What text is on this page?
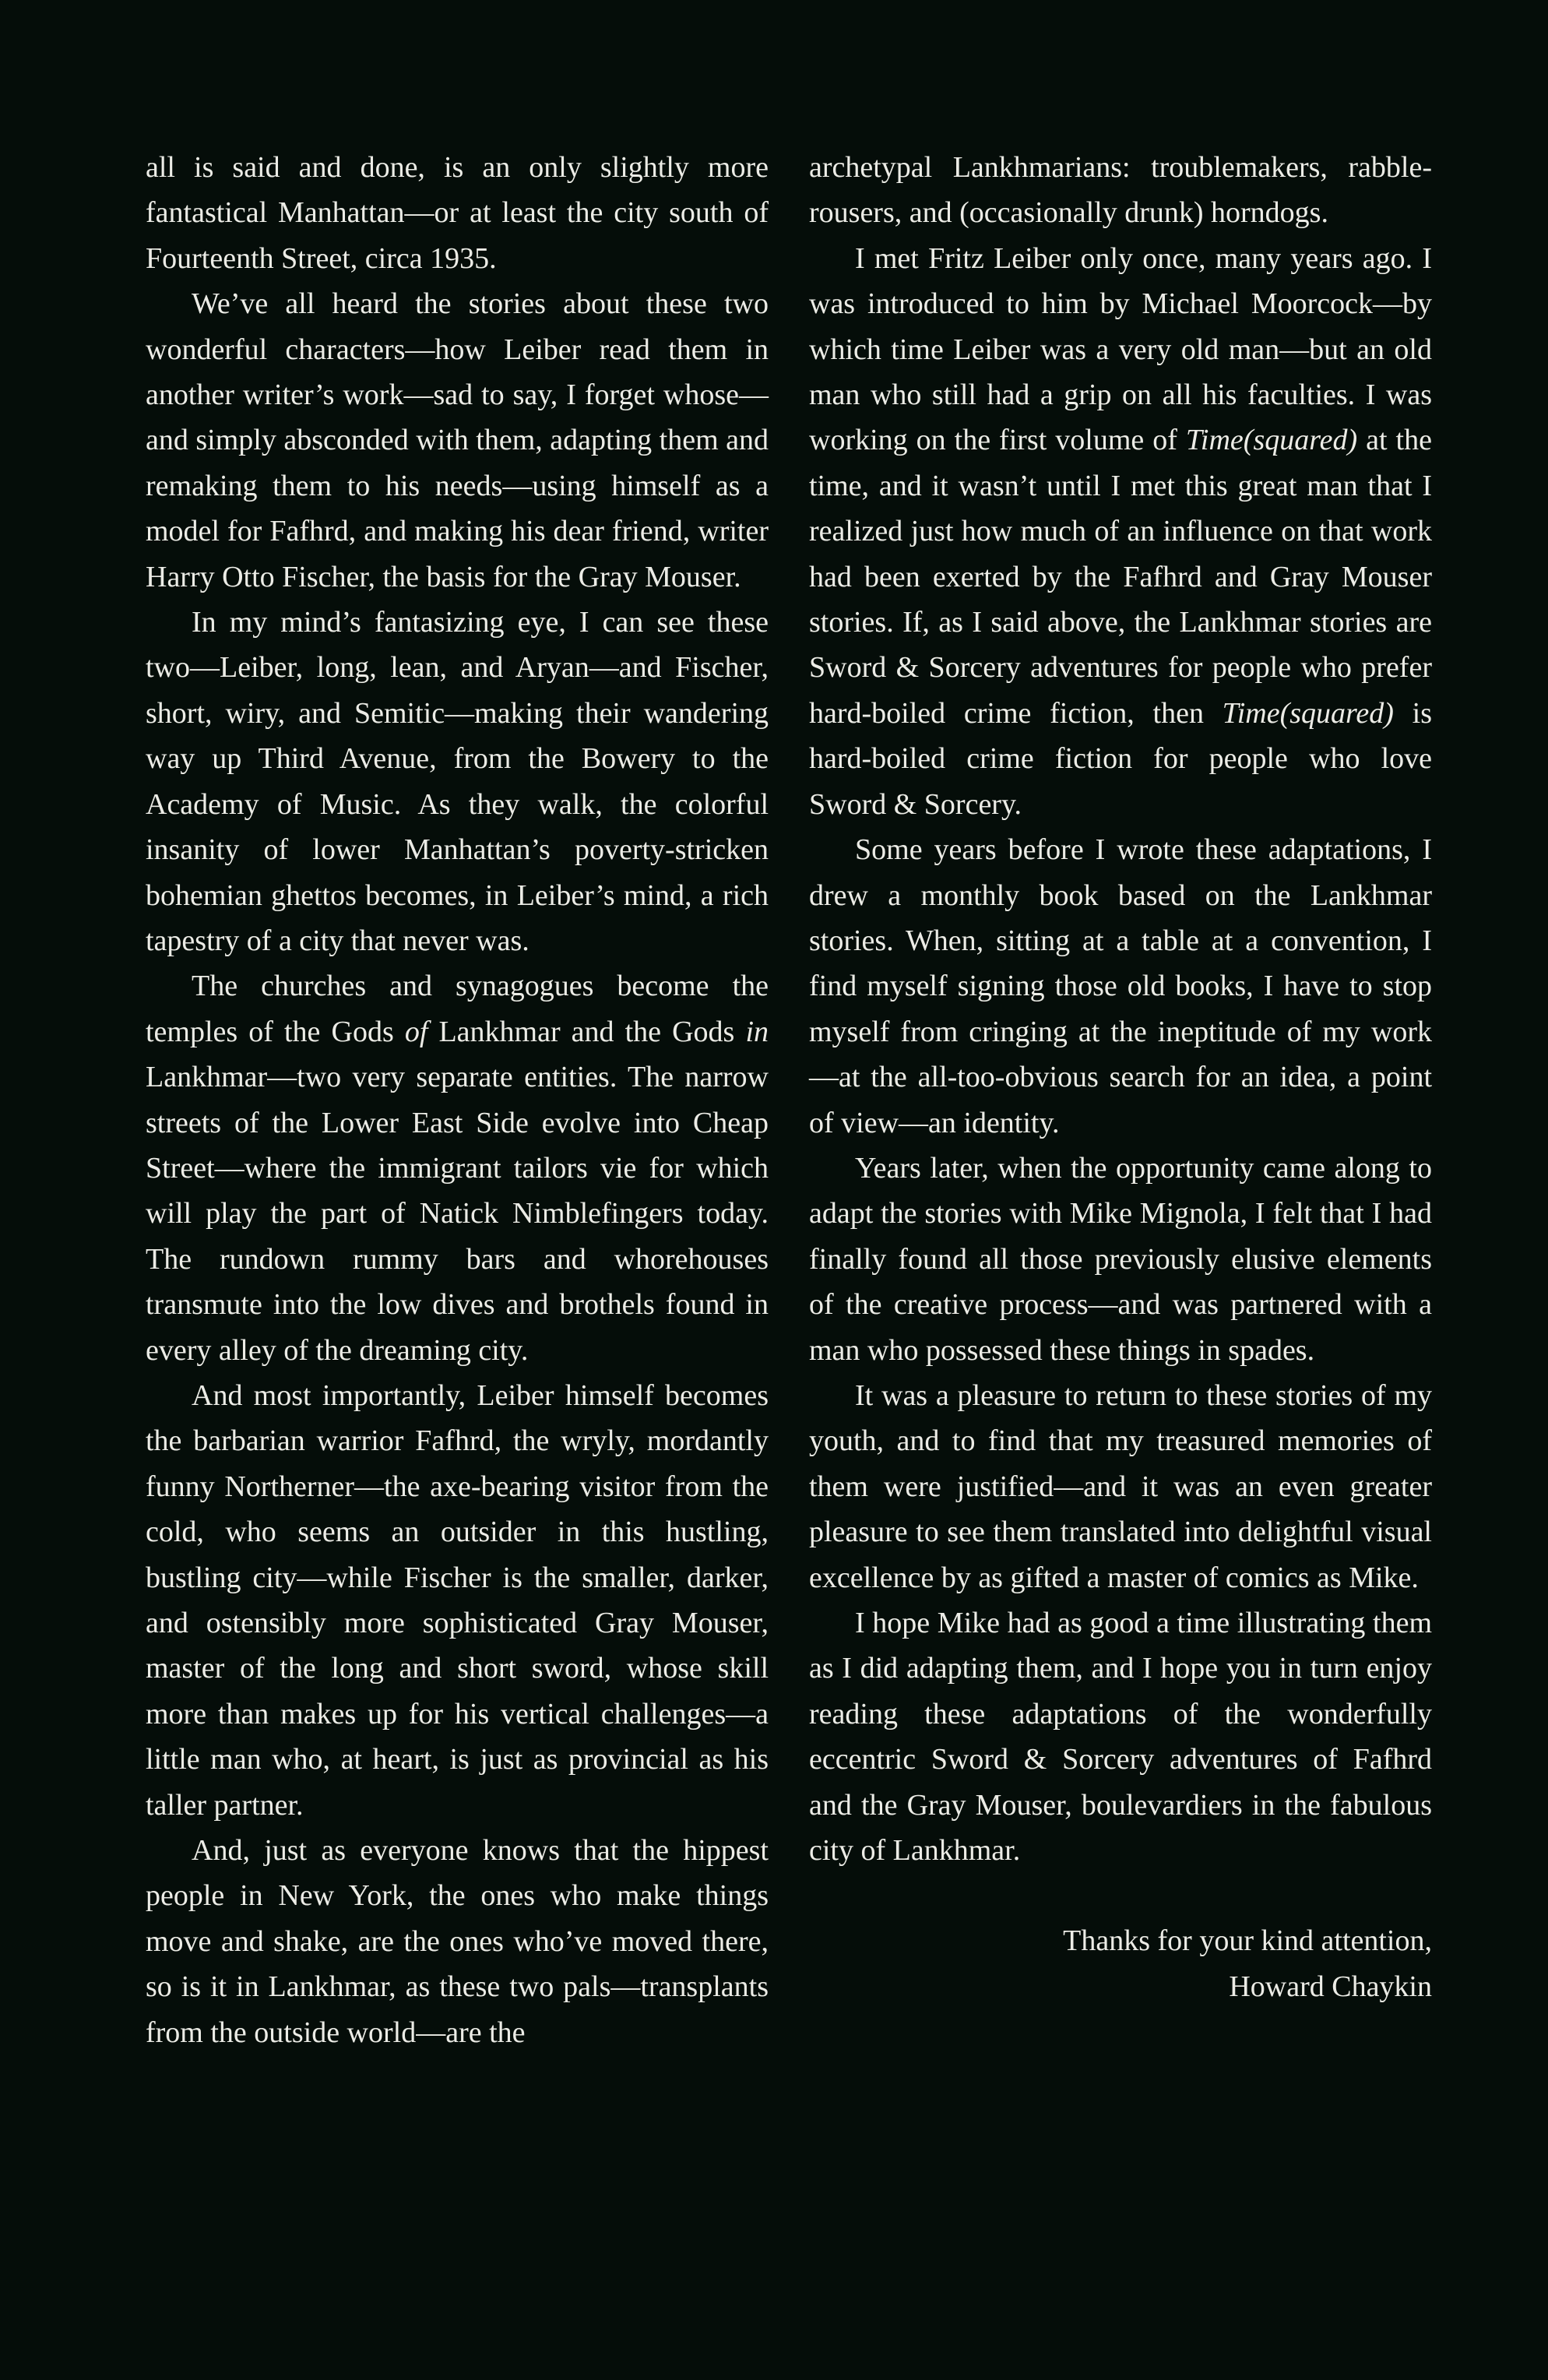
all is said and done, is an only slightly more fantastical Manhattan—or at least the city south of Fourteenth Street, circa 1935.

We’ve all heard the stories about these two wonderful characters—how Leiber read them in another writer’s work—sad to say, I forget whose—and simply absconded with them, adapting them and remaking them to his needs—using himself as a model for Fafhrd, and making his dear friend, writer Harry Otto Fischer, the basis for the Gray Mouser.

In my mind’s fantasizing eye, I can see these two—Leiber, long, lean, and Aryan—and Fischer, short, wiry, and Semitic—making their wandering way up Third Avenue, from the Bowery to the Academy of Music. As they walk, the colorful insanity of lower Manhattan’s poverty-stricken bohemian ghettos becomes, in Leiber’s mind, a rich tapestry of a city that never was.

The churches and synagogues become the temples of the Gods of Lankhmar and the Gods in Lankhmar—two very separate entities. The narrow streets of the Lower East Side evolve into Cheap Street—where the immigrant tailors vie for which will play the part of Natick Nimblefingers today. The rundown rummy bars and whorehouses transmute into the low dives and brothels found in every alley of the dreaming city.

And most importantly, Leiber himself becomes the barbarian warrior Fafhrd, the wryly, mordantly funny Northerner—the axe-bearing visitor from the cold, who seems an outsider in this hustling, bustling city—while Fischer is the smaller, darker, and ostensibly more sophisticated Gray Mouser, master of the long and short sword, whose skill more than makes up for his vertical challenges—a little man who, at heart, is just as provincial as his taller partner.

And, just as everyone knows that the hippest people in New York, the ones who make things move and shake, are the ones who’ve moved there, so is it in Lankhmar, as these two pals—transplants from the outside world—are the

archetypal Lankhmarians: troublemakers, rabble-rousers, and (occasionally drunk) horndogs.

I met Fritz Leiber only once, many years ago. I was introduced to him by Michael Moorcock—by which time Leiber was a very old man—but an old man who still had a grip on all his faculties. I was working on the first volume of Time(squared) at the time, and it wasn’t until I met this great man that I realized just how much of an influence on that work had been exerted by the Fafhrd and Gray Mouser stories. If, as I said above, the Lankhmar stories are Sword & Sorcery adventures for people who prefer hard-boiled crime fiction, then Time(squared) is hard-boiled crime fiction for people who love Sword & Sorcery.

Some years before I wrote these adaptations, I drew a monthly book based on the Lankhmar stories. When, sitting at a table at a convention, I find myself signing those old books, I have to stop myself from cringing at the ineptitude of my work—at the all-too-obvious search for an idea, a point of view—an identity.

Years later, when the opportunity came along to adapt the stories with Mike Mignola, I felt that I had finally found all those previously elusive elements of the creative process—and was partnered with a man who possessed these things in spades.

It was a pleasure to return to these stories of my youth, and to find that my treasured memories of them were justified—and it was an even greater pleasure to see them translated into delightful visual excellence by as gifted a master of comics as Mike.

I hope Mike had as good a time illustrating them as I did adapting them, and I hope you in turn enjoy reading these adaptations of the wonderfully eccentric Sword & Sorcery adventures of Fafhrd and the Gray Mouser, boulevardiers in the fabulous city of Lankhmar.

Thanks for your kind attention,
Howard Chaykin
